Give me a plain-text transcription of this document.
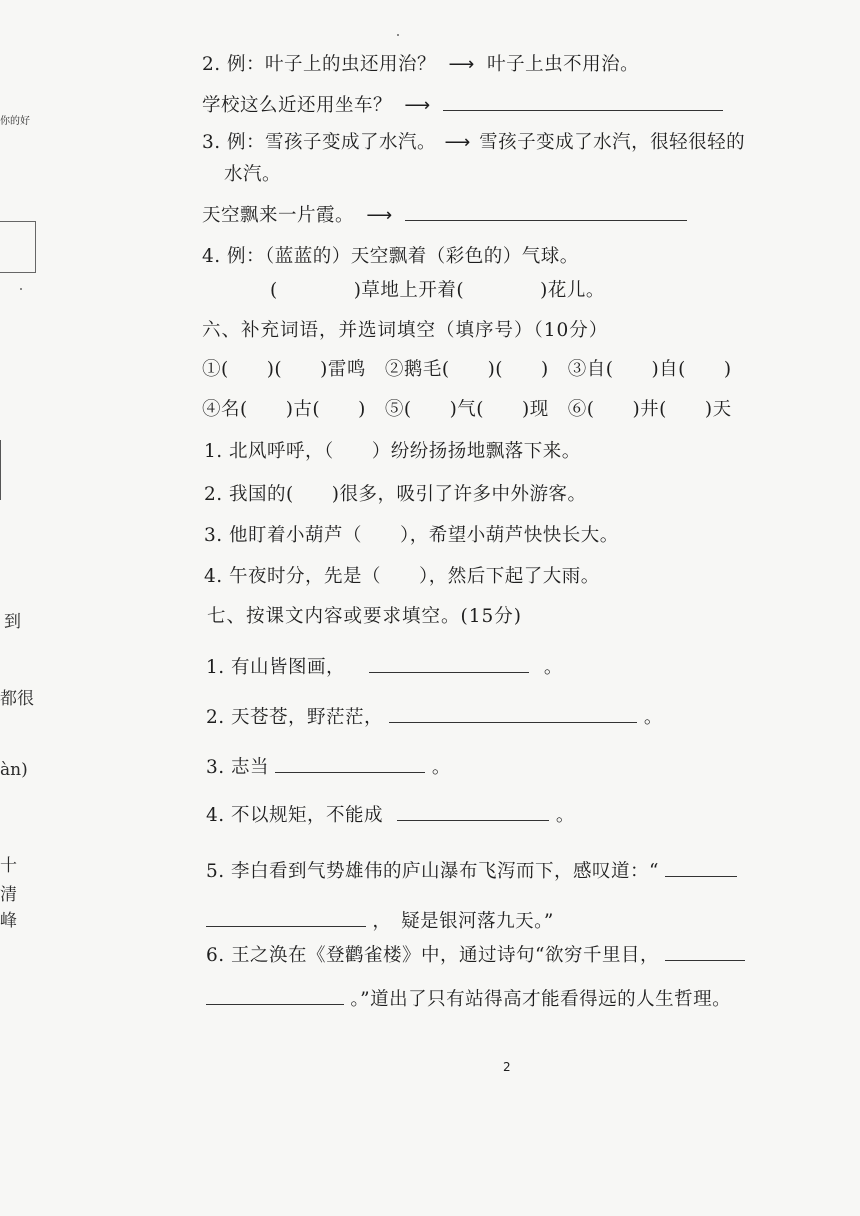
你的好
到
都很
àn)
十
清
峰
2. 例：叶子上的虫还用治？ ⟶ 叶子上虫不用治。
学校这么近还用坐车？ ⟶
3. 例：雪孩子变成了水汽。 ⟶ 雪孩子变成了水汽，很轻很轻的
水汽。
天空飘来一片霞。 ⟶
4. 例：（蓝蓝的）天空飘着（彩色的）气球。
(　　　　)草地上开着(　　　　)花儿。
六、补充词语，并选词填空（填序号）（10分）
①(　　)(　　)雷鸣　②鹅毛(　　)(　　)　③自(　　)自(　　)
④名(　　)古(　　)　⑤(　　)气(　　)现　⑥(　　)井(　　)天
1. 北风呼呼，（　　）纷纷扬扬地飘落下来。
2. 我国的(　　)很多，吸引了许多中外游客。
3. 他盯着小葫芦（　　），希望小葫芦快快长大。
4. 午夜时分，先是（　　），然后下起了大雨。
七、按课文内容或要求填空。(15分)
1. 有山皆图画，	。
2. 天苍苍，野茫茫，	。
3. 志当	。
4. 不以规矩，不能成	。
5. 李白看到气势雄伟的庐山瀑布飞泻而下，感叹道：“
，　疑是银河落九天。”
6. 王之涣在《登鹳雀楼》中，通过诗句“欲穷千里目，
。”道出了只有站得高才能看得远的人生哲理。
2
